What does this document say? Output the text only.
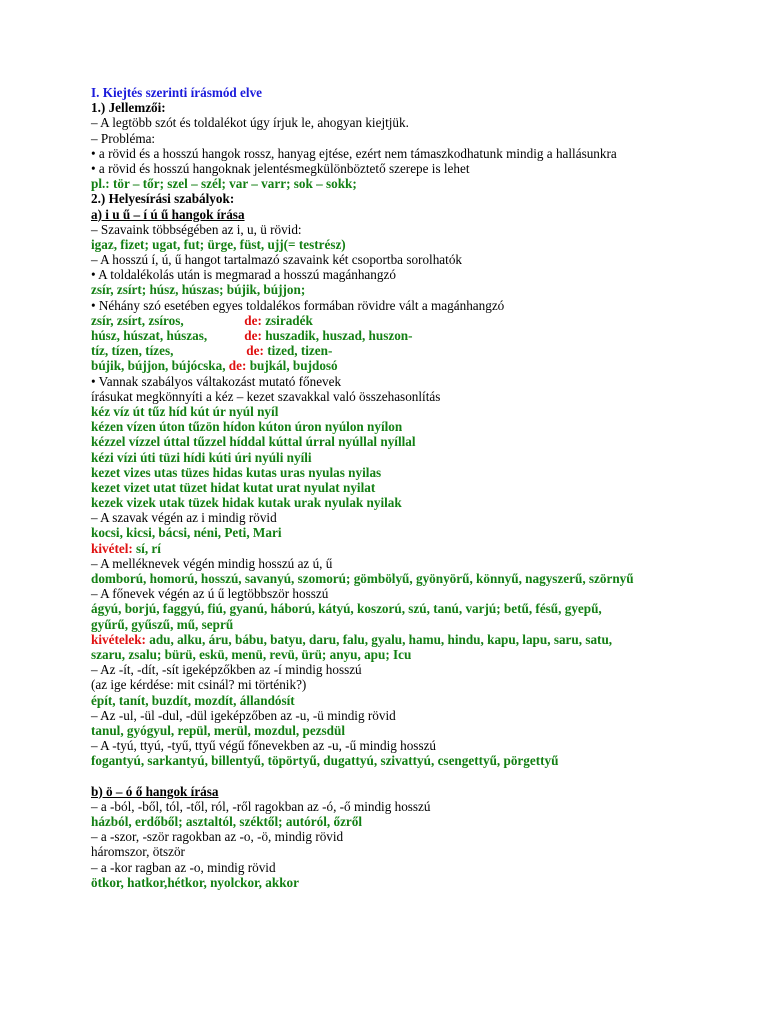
I. Kiejtés szerinti írásmód elve
1.) Jellemzői:
– A legtöbb szót és toldalékot úgy írjuk le, ahogyan kiejtjük.
– Probléma:
• a rövid és a hosszú hangok rossz, hanyag ejtése, ezért nem támaszkodhatunk mindig a hallásunkra
• a rövid és hosszú hangoknak jelentésmegkülönböztető szerepe is lehet
pl.: tör – tőr; szel – szél; var – varr; sok – sokk;
2.) Helyesírási szabályok:
a) i u ű – í ú ű hangok írása
– Szavaink többségében az i, u, ü rövid:
igaz, fizet; ugat, fut; ürge, füst, ujj(= testrész)
– A hosszú í, ú, ű hangot tartalmazó szavaink két csoportba sorolhatók
• A toldalékolás után is megmarad a hosszú magánhangzó
zsír, zsírt; húsz, húszas; bújik, bújjon;
• Néhány szó esetében egyes toldalékos formában rövidre vált a magánhangzó
zsír, zsírt, zsíros,	de: zsiradék
húsz, húszat, húszas,	de: huszadik, huszad, huszon-
tíz, tízen, tízes,	de: tized, tizen-
bújik, bújjon, bújócska, de: bujkál, bujdosó
• Vannak szabályos váltakozást mutató főnevek
írásukat megkönnyíti a kéz – kezet szavakkal való összehasonlítás
kéz víz út tűz híd kút úr nyúl nyíl
kézen vízen úton tűzön hídon kúton úron nyúlon nyílon
kézzel vízzel úttal tűzzel híddal kúttal úrral nyúllal nyíllal
kézi vízi úti tüzi hídi kúti úri nyúli nyíli
kezet vizes utas tüzes hidas kutas uras nyulas nyilas
kezet vizet utat tüzet hidat kutat urat nyulat nyilat
kezek vizek utak tüzek hidak kutak urak nyulak nyilak
– A szavak végén az i mindig rövid
kocsi, kicsi, bácsi, néni, Peti, Mari
kivétel: sí, rí
– A melléknevek végén mindig hosszú az ú, ű
domború, homorú, hosszú, savanyú, szomorú; gömbölyű, gyönyörű, könnyű, nagyszerű, szörnyű
– A főnevek végén az ú ű legtöbbször hosszú
ágyú, borjú, faggyú, fiú, gyanú, háború, kátyú, koszorú, szú, tanú, varjú; betű, fésű, gyepű,
gyűrű, gyűszű, mű, seprű
kivételek: adu, alku, áru, bábu, batyu, daru, falu, gyalu, hamu, hindu, kapu, lapu, saru, satu,
szaru, zsalu; bürü, eskü, menü, revü, ürü; anyu, apu; Icu
– Az -ít, -dít, -sít igeképzőkben az -í mindig hosszú
(az ige kérdése: mit csinál? mi történik?)
épít, tanít, buzdít, mozdít, állandósít
– Az -ul, -ül -dul, -dül igeképzőben az -u, -ü mindig rövid
tanul, gyógyul, repül, merül, mozdul, pezsdül
– A -tyú, ttyú, -tyű, ttyű végű főnevekben az -u, -ű mindig hosszú
fogantyú, sarkantyú, billentyű, töpörtyű, dugattyú, szivattyú, csengettyű, pörgettyű
b) ö – ó ő hangok írása
– a -ból, -ből, tól, -től, ról, -ről ragokban az -ó, -ő mindig hosszú
házból, erdőből; asztaltól, széktől; autóról, őzről
– a -szor, -ször ragokban az -o, -ö, mindig rövid
háromszor, ötször
– a -kor ragban az -o, mindig rövid
ötkor, hatkor,hétkor, nyolckor, akkor
